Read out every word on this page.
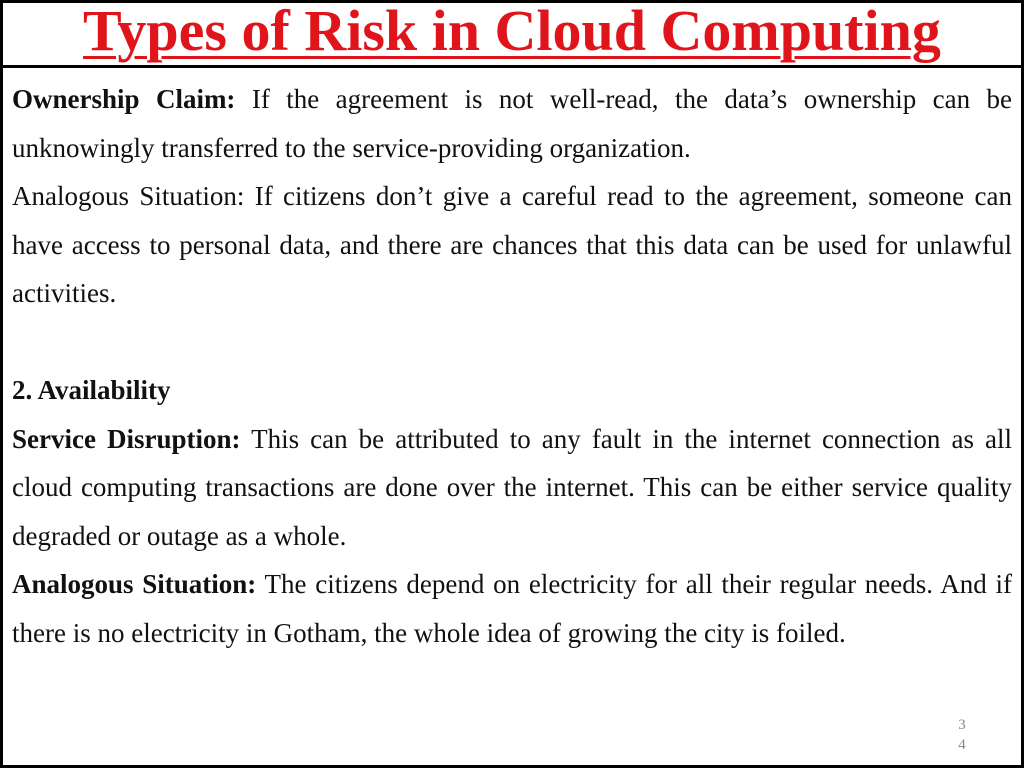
Types of Risk in Cloud Computing

Ownership Claim: If the agreement is not well-read, the data’s ownership can be unknowingly transferred to the service-providing organization.

Analogous Situation: If citizens don’t give a careful read to the agreement, someone can have access to personal data, and there are chances that this data can be used for unlawful activities.

2. Availability

Service Disruption: This can be attributed to any fault in the internet connection as all cloud computing transactions are done over the internet. This can be either service quality degraded or outage as a whole.

Analogous Situation: The citizens depend on electricity for all their regular needs. And if there is no electricity in Gotham, the whole idea of growing the city is foiled.

3
4
